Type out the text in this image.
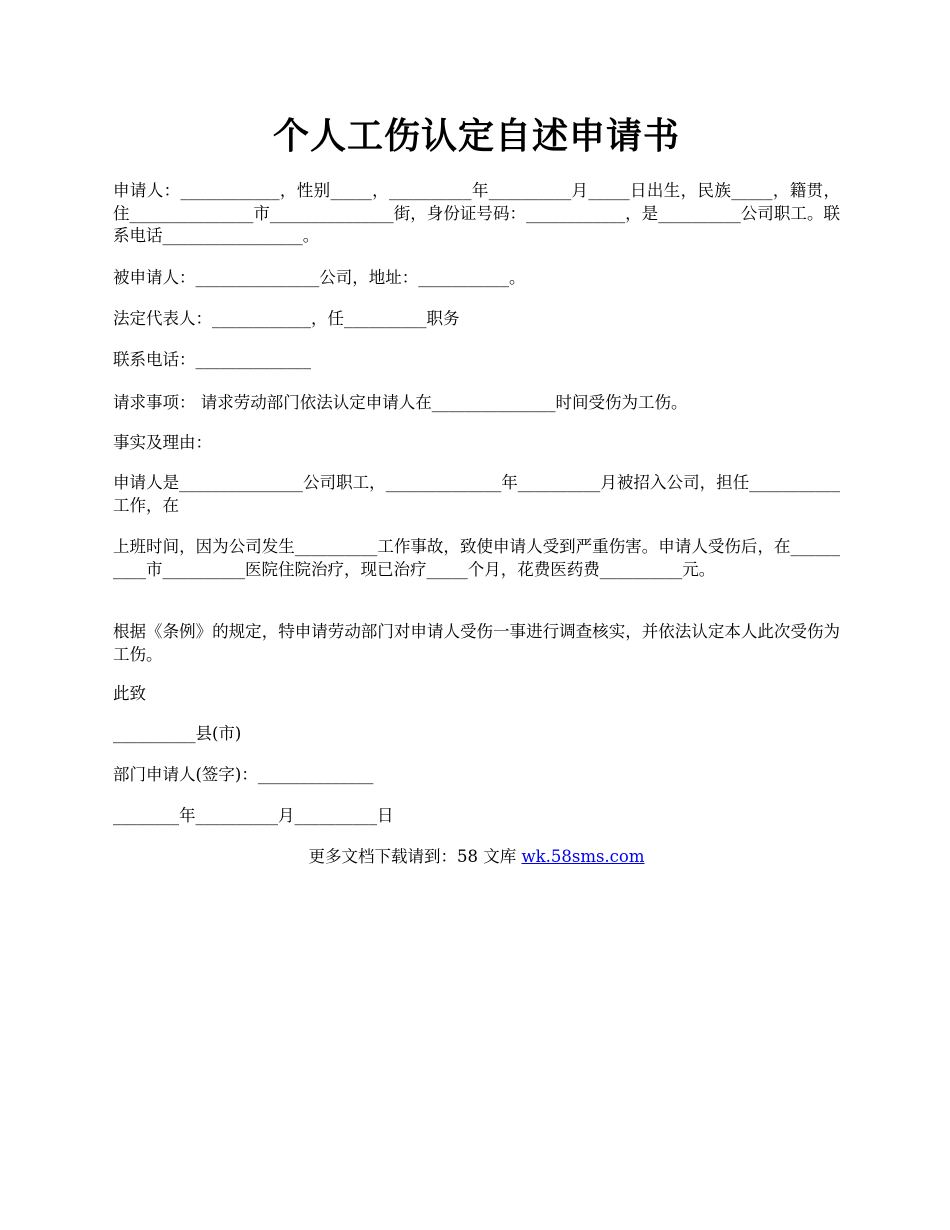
个人工伤认定自述申请书

申请人：____________，性别_____，__________年__________月_____日出生，民族_____，籍贯，住_______________市_______________街，身份证号码：____________，是__________公司职工。联系电话_________________。

被申请人：_______________公司，地址：___________。

法定代表人：____________，任__________职务

联系电话：______________

请求事项： 请求劳动部门依法认定申请人在_______________时间受伤为工伤。

事实及理由：

申请人是_______________公司职工，______________年__________月被招入公司，担任___________工作，在

上班时间，因为公司发生__________工作事故，致使申请人受到严重伤害。申请人受伤后，在__________市__________医院住院治疗，现已治疗_____个月，花费医药费__________元。

根据《条例》的规定，特申请劳动部门对申请人受伤一事进行调查核实，并依法认定本人此次受伤为工伤。

此致

__________县(市)

部门申请人(签字)：______________

________年__________月__________日

更多文档下载请到：58 文库 wk.58sms.com
